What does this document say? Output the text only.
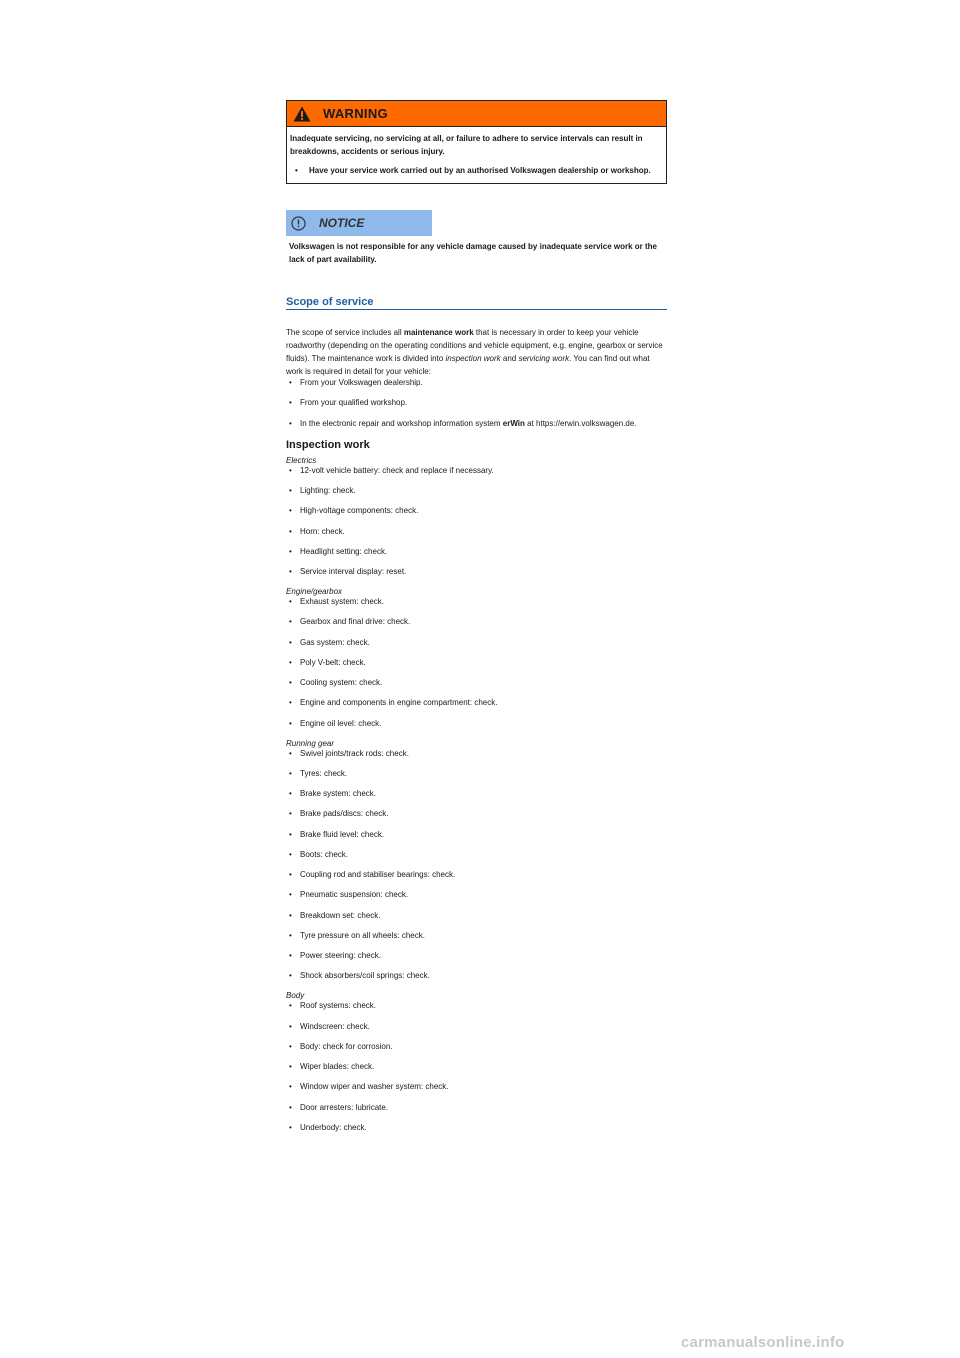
WARNING

Inadequate servicing, no servicing at all, or failure to adhere to service intervals can result in breakdowns, accidents or serious injury.

•	Have your service work carried out by an authorised Volkswagen dealership or workshop.
NOTICE
Volkswagen is not responsible for any vehicle damage caused by inadequate service work or the lack of part availability.
Scope of service
The scope of service includes all maintenance work that is necessary in order to keep your vehicle roadworthy (depending on the operating conditions and vehicle equipment, e.g. engine, gearbox or service fluids). The maintenance work is divided into inspection work and servicing work. You can find out what work is required in detail for your vehicle:
•	From your Volkswagen dealership.
•	From your qualified workshop.
•	In the electronic repair and workshop information system erWin at https://erwin.volkswagen.de.
Inspection work
Electrics
•	12-volt vehicle battery: check and replace if necessary.
•	Lighting: check.
•	High-voltage components: check.
•	Horn: check.
•	Headlight setting: check.
•	Service interval display: reset.
Engine/gearbox
•	Exhaust system: check.
•	Gearbox and final drive: check.
•	Gas system: check.
•	Poly V-belt: check.
•	Cooling system: check.
•	Engine and components in engine compartment: check.
•	Engine oil level: check.
Running gear
•	Swivel joints/track rods: check.
•	Tyres: check.
•	Brake system: check.
•	Brake pads/discs: check.
•	Brake fluid level: check.
•	Boots: check.
•	Coupling rod and stabiliser bearings: check.
•	Pneumatic suspension: check.
•	Breakdown set: check.
•	Tyre pressure on all wheels: check.
•	Power steering: check.
•	Shock absorbers/coil springs: check.
Body
•	Roof systems: check.
•	Windscreen: check.
•	Body: check for corrosion.
•	Wiper blades: check.
•	Window wiper and washer system: check.
•	Door arresters: lubricate.
•	Underbody: check.
carmanualsonline.info
